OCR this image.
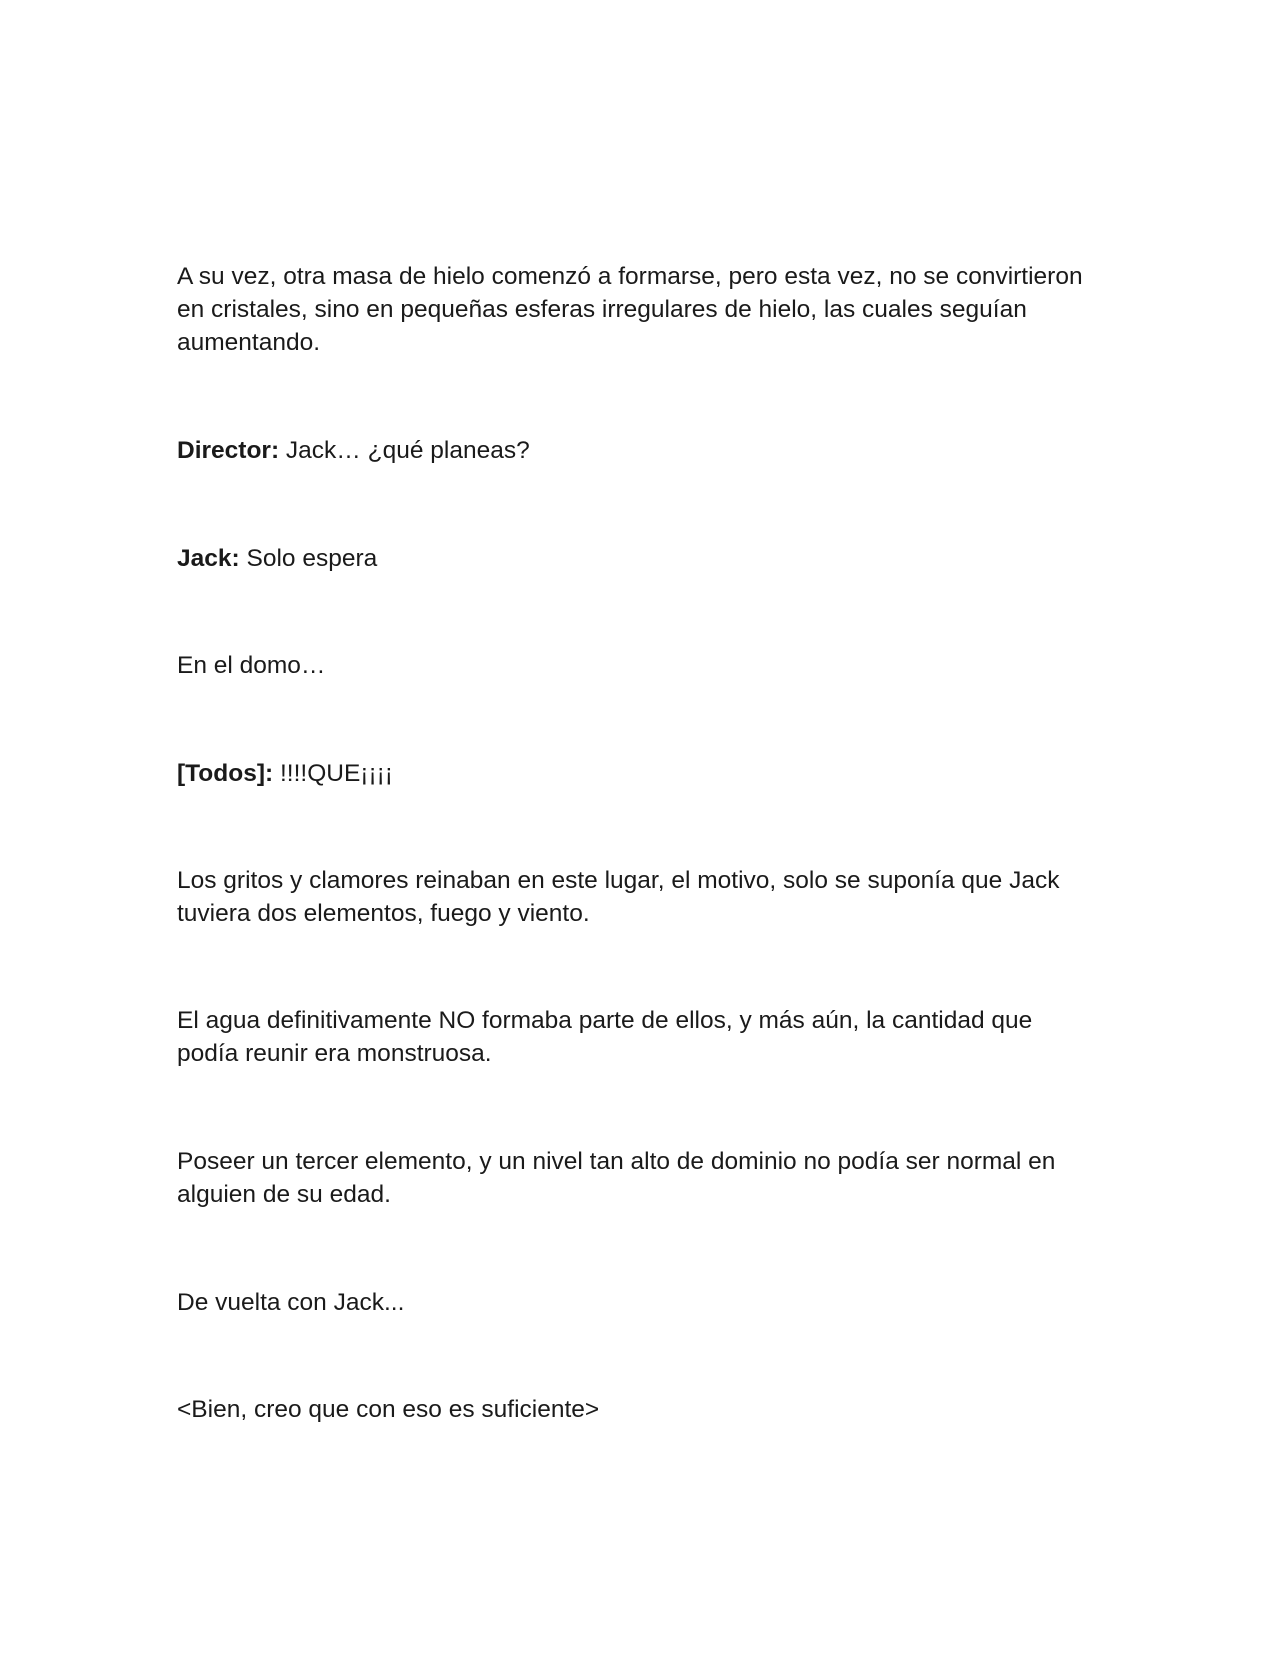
A su vez, otra masa de hielo comenzó a formarse, pero esta vez, no se convirtieron en cristales, sino en pequeñas esferas irregulares de hielo, las cuales seguían aumentando.

Director: Jack… ¿qué planeas?

Jack: Solo espera

En el domo…

[Todos]: !!!!QUE¡¡¡¡

Los gritos y clamores reinaban en este lugar, el motivo, solo se suponía que Jack tuviera dos elementos, fuego y viento.

El agua definitivamente NO formaba parte de ellos, y más aún, la cantidad que podía reunir era monstruosa.

Poseer un tercer elemento, y un nivel tan alto de dominio no podía ser normal en alguien de su edad.

De vuelta con Jack...

<Bien, creo que con eso es suficiente>
